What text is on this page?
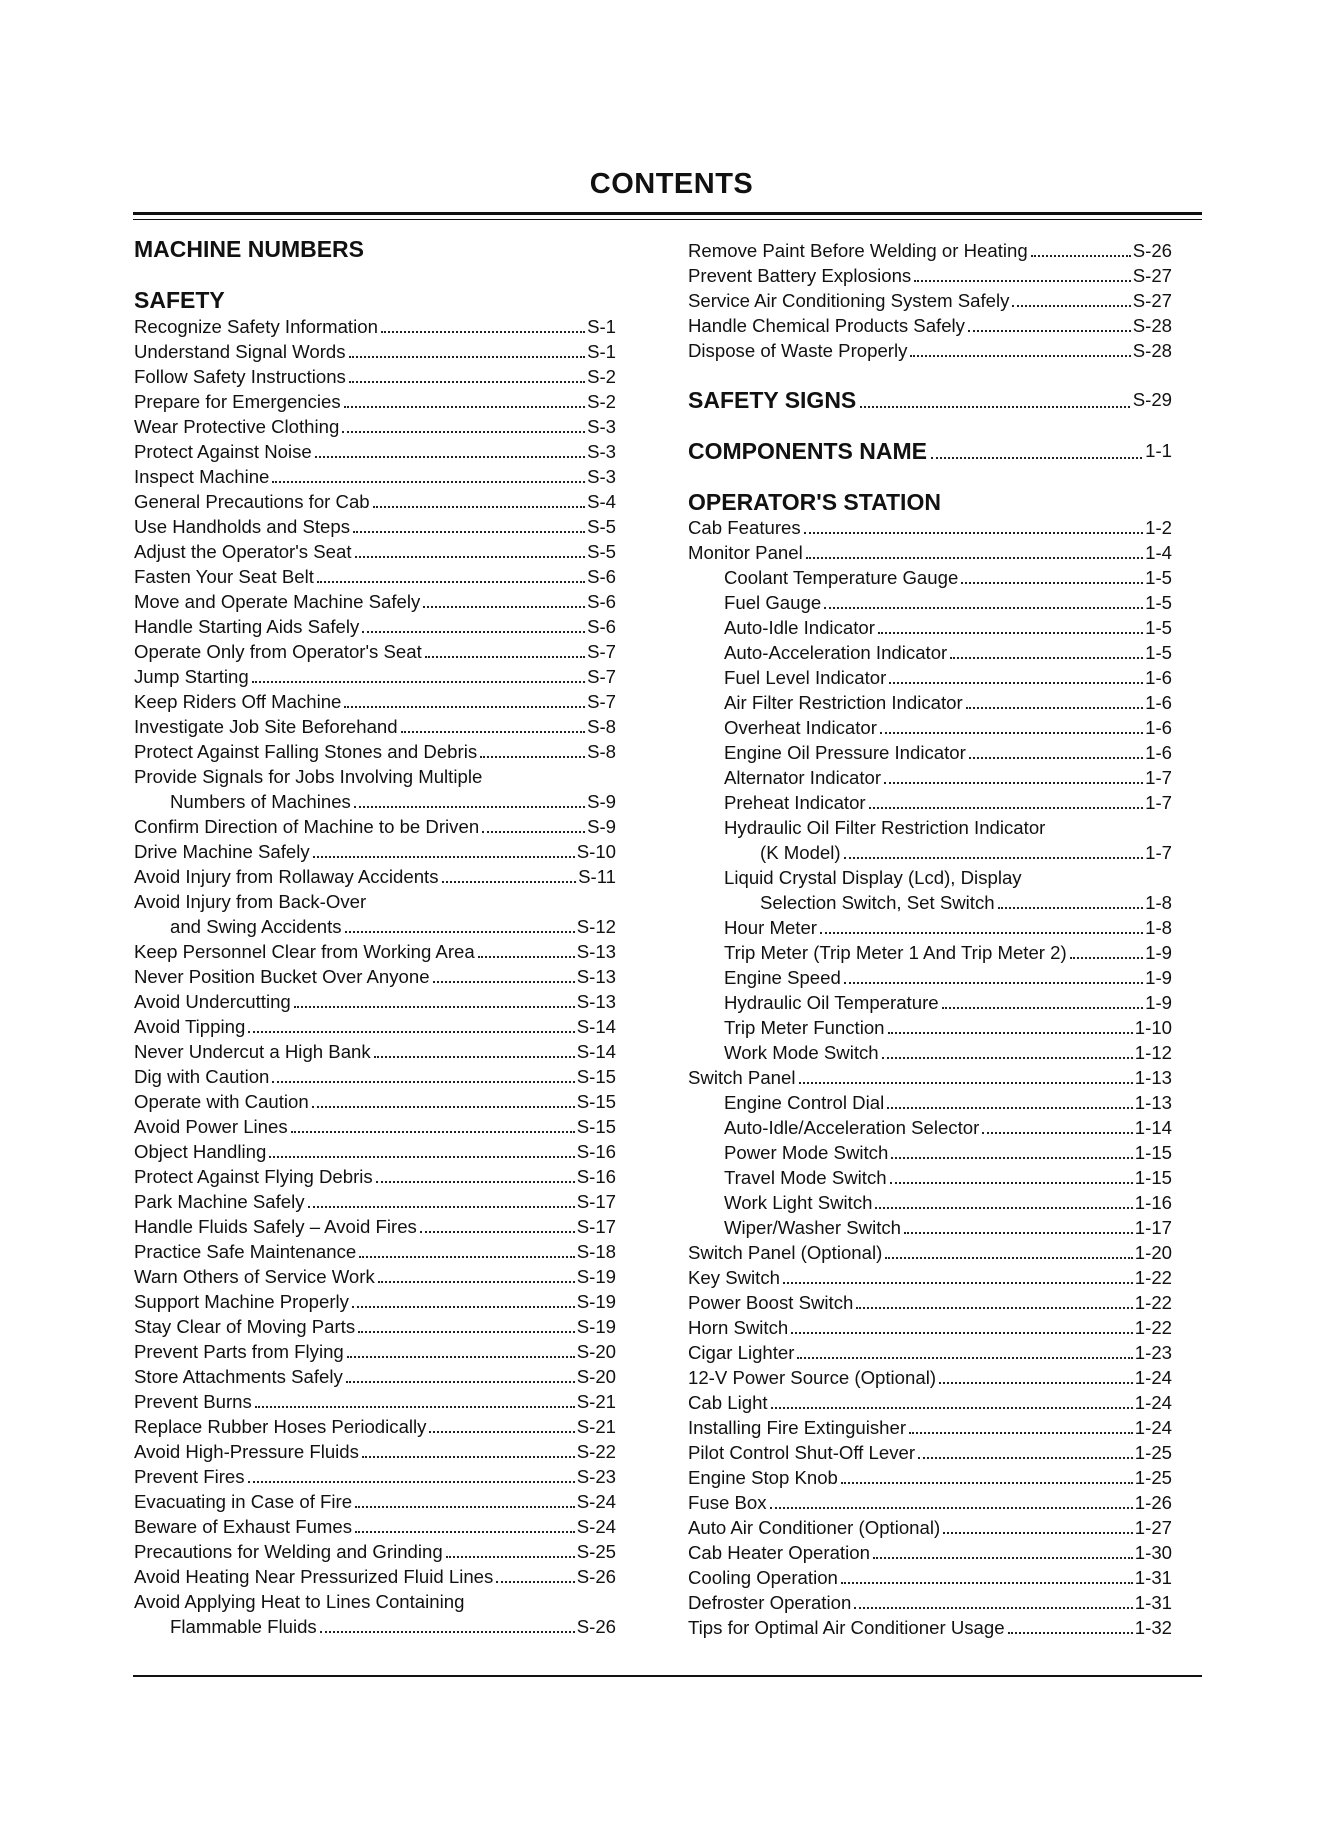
CONTENTS
MACHINE NUMBERS
SAFETY
Recognize Safety Information	S-1
Understand Signal Words	S-1
Follow Safety Instructions	S-2
Prepare for Emergencies	S-2
Wear Protective Clothing	S-3
Protect Against Noise	S-3
Inspect Machine	S-3
General Precautions for Cab	S-4
Use Handholds and Steps	S-5
Adjust the Operator's Seat	S-5
Fasten Your Seat Belt	S-6
Move and Operate Machine Safely	S-6
Handle Starting Aids Safely	S-6
Operate Only from Operator's Seat	S-7
Jump Starting	S-7
Keep Riders Off Machine	S-7
Investigate Job Site Beforehand	S-8
Protect Against Falling Stones and Debris	S-8
Provide Signals for Jobs Involving Multiple
Numbers of Machines	S-9
Confirm Direction of Machine to be Driven	S-9
Drive Machine Safely	S-10
Avoid Injury from Rollaway Accidents	S-11
Avoid Injury from Back-Over
and Swing Accidents	S-12
Keep Personnel Clear from Working Area	S-13
Never Position Bucket Over Anyone	S-13
Avoid Undercutting	S-13
Avoid Tipping	S-14
Never Undercut a High Bank	S-14
Dig with Caution	S-15
Operate with Caution	S-15
Avoid Power Lines	S-15
Object Handling	S-16
Protect Against Flying Debris	S-16
Park Machine Safely	S-17
Handle Fluids Safely – Avoid Fires	S-17
Practice Safe Maintenance	S-18
Warn Others of Service Work	S-19
Support Machine Properly	S-19
Stay Clear of Moving Parts	S-19
Prevent Parts from Flying	S-20
Store Attachments Safely	S-20
Prevent Burns	S-21
Replace Rubber Hoses Periodically	S-21
Avoid High-Pressure Fluids	S-22
Prevent Fires	S-23
Evacuating in Case of Fire	S-24
Beware of Exhaust Fumes	S-24
Precautions for Welding and Grinding	S-25
Avoid Heating Near Pressurized Fluid Lines	S-26
Avoid Applying Heat to Lines Containing
Flammable Fluids	S-26
Remove Paint Before Welding or Heating	S-26
Prevent Battery Explosions	S-27
Service Air Conditioning System Safely	S-27
Handle Chemical Products Safely	S-28
Dispose of Waste Properly	S-28
SAFETY SIGNS	S-29
COMPONENTS NAME	1-1
OPERATOR'S STATION
Cab Features	1-2
Monitor Panel	1-4
Coolant Temperature Gauge	1-5
Fuel Gauge	1-5
Auto-Idle Indicator	1-5
Auto-Acceleration Indicator	1-5
Fuel Level Indicator	1-6
Air Filter Restriction Indicator	1-6
Overheat Indicator	1-6
Engine Oil Pressure Indicator	1-6
Alternator Indicator	1-7
Preheat Indicator	1-7
Hydraulic Oil Filter Restriction Indicator
(K Model)	1-7
Liquid Crystal Display (Lcd), Display
Selection Switch, Set Switch	1-8
Hour Meter	1-8
Trip Meter (Trip Meter 1 And Trip Meter 2)	1-9
Engine Speed	1-9
Hydraulic Oil Temperature	1-9
Trip Meter Function	1-10
Work Mode Switch	1-12
Switch Panel	1-13
Engine Control Dial	1-13
Auto-Idle/Acceleration Selector	1-14
Power Mode Switch	1-15
Travel Mode Switch	1-15
Work Light Switch	1-16
Wiper/Washer Switch	1-17
Switch Panel (Optional)	1-20
Key Switch	1-22
Power Boost Switch	1-22
Horn Switch	1-22
Cigar Lighter	1-23
12-V Power Source (Optional)	1-24
Cab Light	1-24
Installing Fire Extinguisher	1-24
Pilot Control Shut-Off Lever	1-25
Engine Stop Knob	1-25
Fuse Box	1-26
Auto Air Conditioner (Optional)	1-27
Cab Heater Operation	1-30
Cooling Operation	1-31
Defroster Operation	1-31
Tips for Optimal Air Conditioner Usage	1-32
